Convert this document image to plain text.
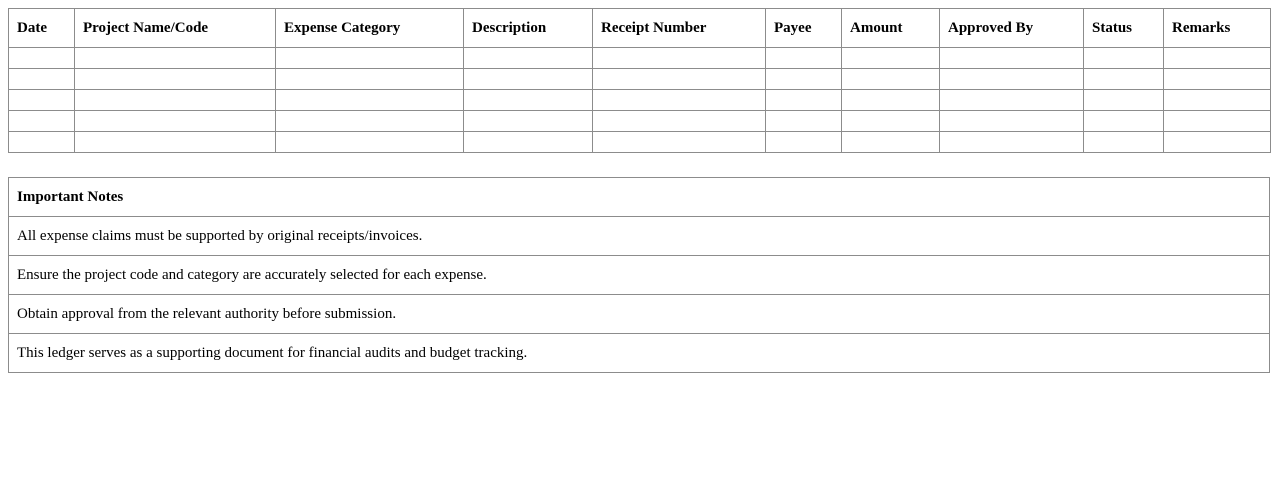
Date	Project Name/Code	Expense Category	Description	Receipt Number	Payee	Amount	Approved By	Status	Remarks

Important Notes
All expense claims must be supported by original receipts/invoices.
Ensure the project code and category are accurately selected for each expense.
Obtain approval from the relevant authority before submission.
This ledger serves as a supporting document for financial audits and budget tracking.
